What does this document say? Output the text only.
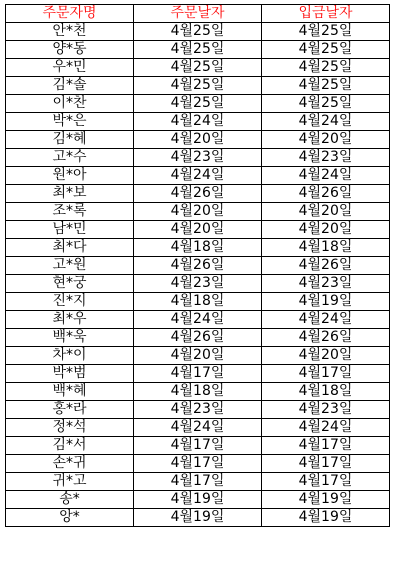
주문자명	주문날자	입금날자
안*천	4월25일	4월25일
양*동	4월25일	4월25일
우*민	4월25일	4월25일
김*솔	4월25일	4월25일
이*찬	4월25일	4월25일
박*은	4월24일	4월24일
김*혜	4월20일	4월20일
고*수	4월23일	4월23일
원*아	4월24일	4월24일
최*보	4월26일	4월26일
조*록	4월20일	4월20일
남*민	4월20일	4월20일
최*다	4월18일	4월18일
고*원	4월26일	4월26일
현*궁	4월23일	4월23일
진*지	4월18일	4월19일
최*우	4월24일	4월24일
백*욱	4월26일	4월26일
차*이	4월20일	4월20일
박*범	4월17일	4월17일
백*혜	4월18일	4월18일
홍*라	4월23일	4월23일
정*석	4월24일	4월24일
김*서	4월17일	4월17일
손*귀	4월17일	4월17일
귀*고	4월17일	4월17일
송*	4월19일	4월19일
앙*	4월19일	4월19일
